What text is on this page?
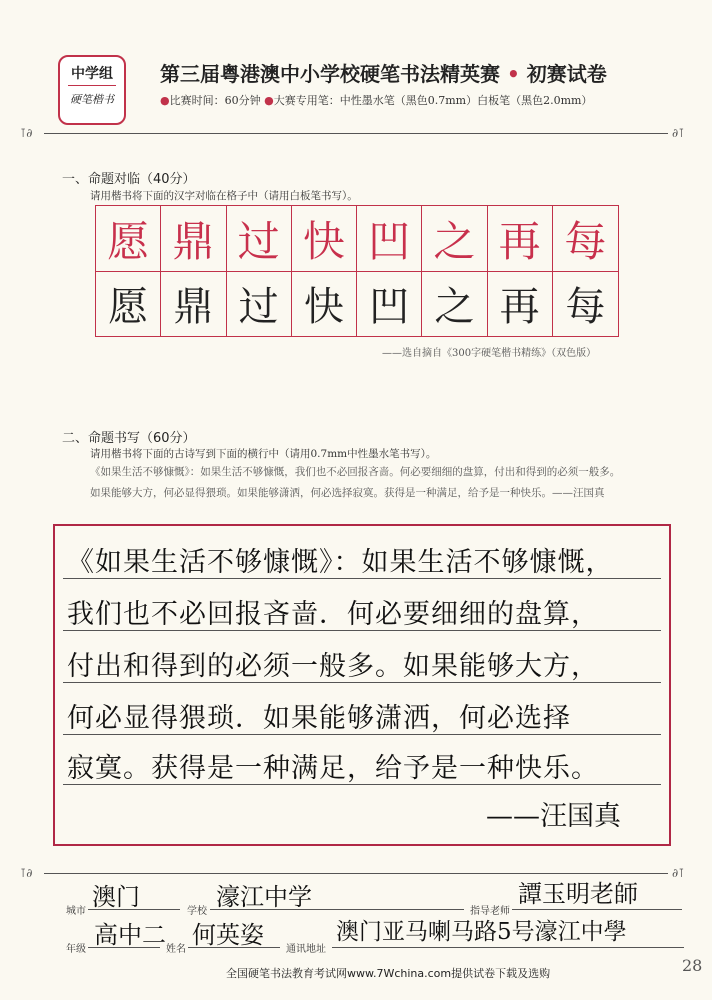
中学组
硬笔楷书
第三届粤港澳中小学校硬笔书法精英赛 • 初赛试卷
●比赛时间：60分钟 ●大赛专用笔：中性墨水笔（黑色0.7mm）白板笔（黑色2.0mm）
⊺∂	∂⊺
一、命题对临（40分）
请用楷书将下面的汉字对临在格子中（请用白板笔书写）。
愿 鼎 过 快 凹 之 再 每
愿 鼎 过 快 凹 之 再 每
——选自摘自《300字硬笔楷书精练》（双色版）
二、命题书写（60分）
请用楷书将下面的古诗写到下面的横行中（请用0.7mm中性墨水笔书写）。
《如果生活不够慷慨》：如果生活不够慷慨，我们也不必回报吝啬。何必要细细的盘算，付出和得到的必须一般多。如果能够大方，何必显得猥琐。如果能够潇洒，何必选择寂寞。获得是一种满足，给予是一种快乐。——汪国真
《如果生活不够慷慨》：如果生活不够慷慨，
我们也不必回报吝啬．何必要细细的盘算，
付出和得到的必须一般多。如果能够大方，
何必显得猥琐．如果能够潇洒，何必选择
寂寞。获得是一种满足，给予是一种快乐。
——汪国真
⊺∂	∂⊺
城市
澳门
学校
濠江中学
指导老师
譚玉明老師
年级
高中二
姓名
何英姿
通讯地址
澳门亚马喇马路5号濠江中學
全国硬笔书法教育考试网www.7Wchina.com提供试卷下载及选购	28
